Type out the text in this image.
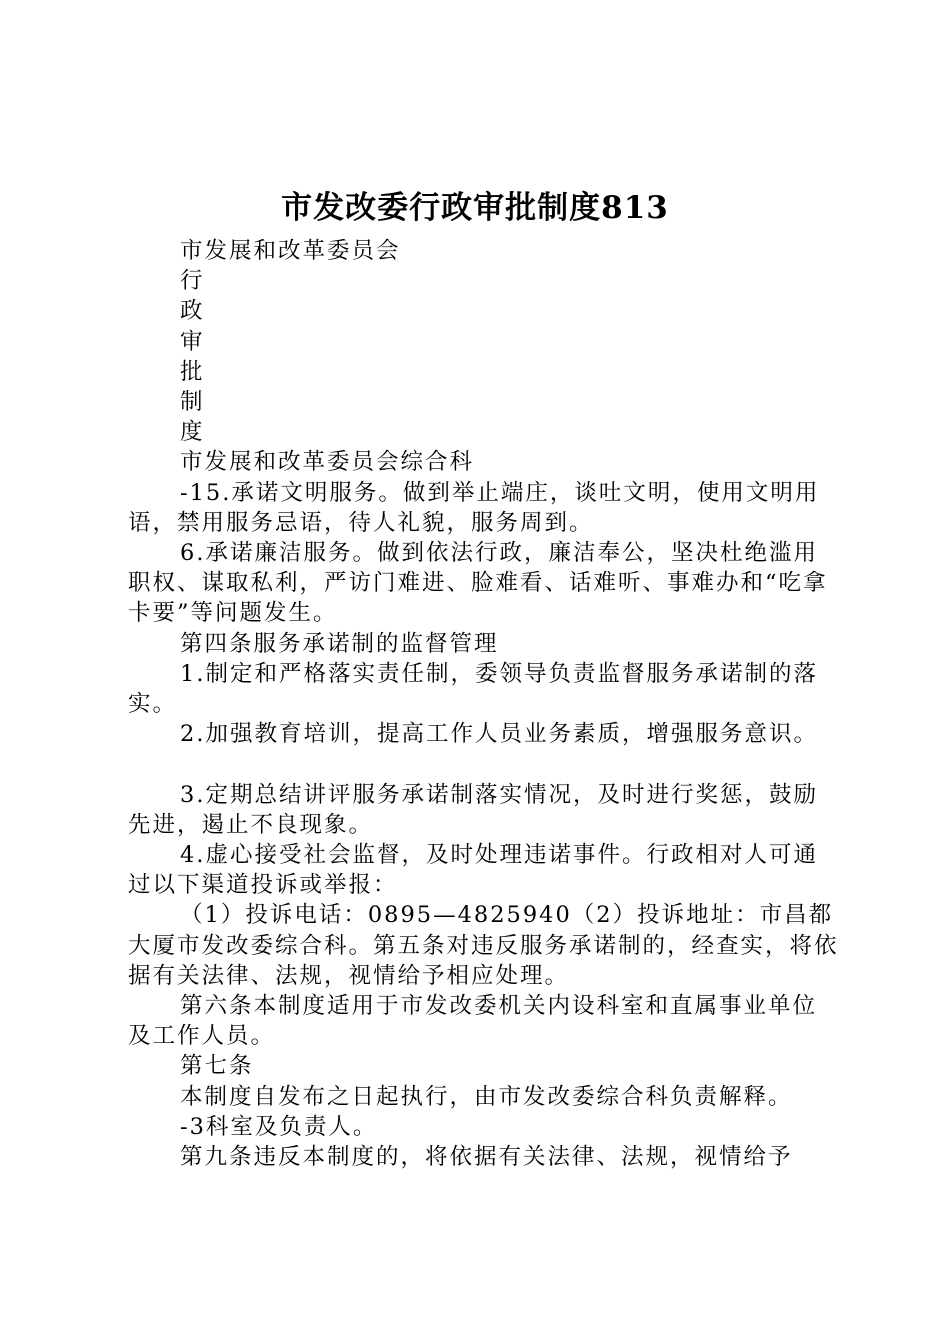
市发改委行政审批制度813

市发展和改革委员会

行

政

审

批

制

度

市发展和改革委员会综合科

-15.承诺文明服务。做到举止端庄，谈吐文明，使用文明用语，禁用服务忌语，待人礼貌，服务周到。

6.承诺廉洁服务。做到依法行政，廉洁奉公，坚决杜绝滥用职权、谋取私利，严访门难进、脸难看、话难听、事难办和“吃拿卡要”等问题发生。

第四条服务承诺制的监督管理

1.制定和严格落实责任制，委领导负责监督服务承诺制的落实。

2.加强教育培训，提高工作人员业务素质，增强服务意识。

3.定期总结讲评服务承诺制落实情况，及时进行奖惩，鼓励先进，遏止不良现象。

4.虚心接受社会监督，及时处理违诺事件。行政相对人可通过以下渠道投诉或举报：

（1）投诉电话：0895—4825940（2）投诉地址：市昌都大厦市发改委综合科。第五条对违反服务承诺制的，经查实，将依据有关法律、法规，视情给予相应处理。

第六条本制度适用于市发改委机关内设科室和直属事业单位及工作人员。

第七条

本制度自发布之日起执行，由市发改委综合科负责解释。

-3科室及负责人。

第九条违反本制度的，将依据有关法律、法规，视情给予
